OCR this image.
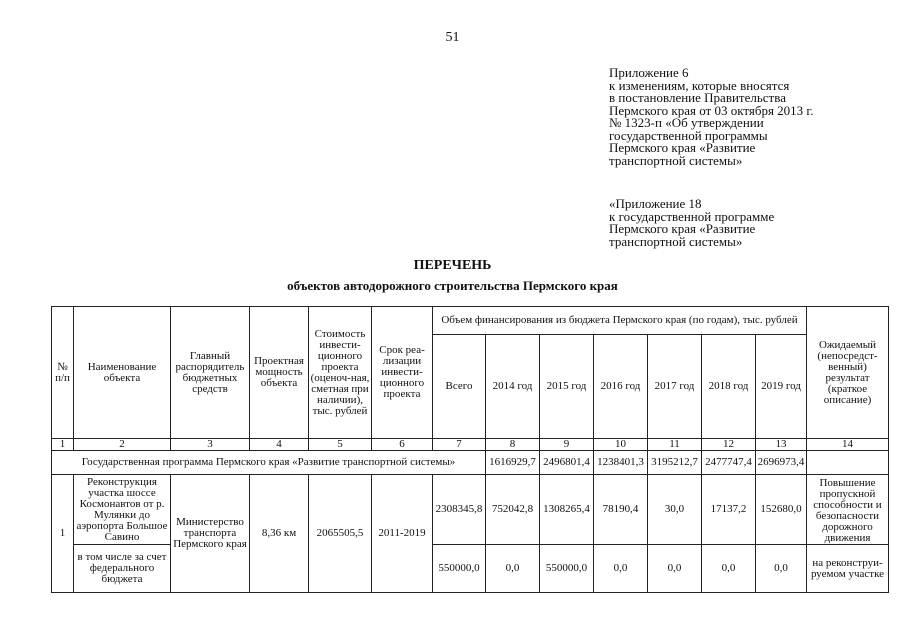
51
Приложение 6
к изменениям, которые вносятся
в постановление Правительства
Пермского края от 03 октября 2013 г.
№ 1323-п «Об утверждении
государственной программы
Пермского края «Развитие
транспортной системы»
«Приложение 18
к государственной программе
Пермского края «Развитие
транспортной системы»
ПЕРЕЧЕНЬ
объектов автодорожного строительства Пермского края
№ п/п	Наименование объекта	Главный распорядитель бюджетных средств	Проектная мощность объекта	Стоимость инвести-ционного проекта (оценоч-ная, сметная при наличии), тыс. рублей	Срок реа-лизации инвести-ционного проекта	Объем финансирования из бюджета Пермского края (по годам), тыс. рублей							Ожидаемый (непосредст-венный) результат (краткое описание)
						Всего	2014 год	2015 год	2016 год	2017 год	2018 год	2019 год	
1	2	3	4	5	6	7	8	9	10	11	12	13	14
Государственная программа Пермского края «Развитие транспортной системы»							1616929,7	2496801,4	1238401,3	3195212,7	2477747,4	2696973,4	
1	Реконструкция участка шоссе Космонавтов от р. Мулянки до аэропорта Большое Савино	Министерство транспорта Пермского края	8,36 км	2065505,5	2011-2019	2308345,8	752042,8	1308265,4	78190,4	30,0	17137,2	152680,0	Повышение пропускной способности и безопасности дорожного движения
	в том числе за счет федерального бюджета					550000,0	0,0	550000,0	0,0	0,0	0,0	0,0	на реконструи-руемом участке
